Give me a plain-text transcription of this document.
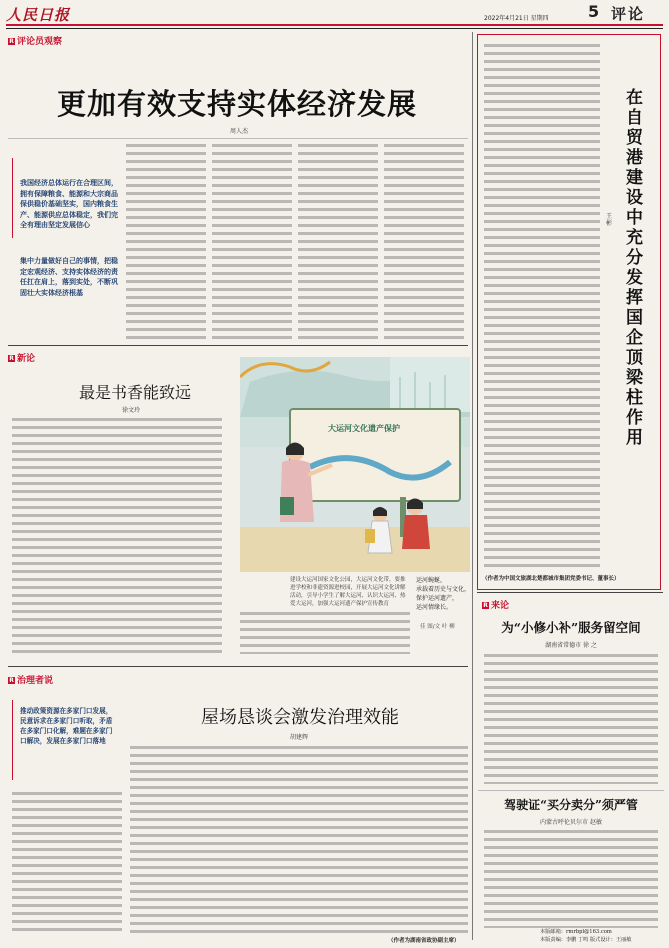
人民日报	2022年4月21日 星期四 5 评论
R 评论员观察
更加有效支持实体经济发展
周人杰
我国经济总体运行在合理区间，拥有保障粮食、能源和大宗商品保供稳价基础坚实，国内粮食生产、能源供应总体稳定，我们完全有理由坚定发展信心
集中力量做好自己的事情，把稳定宏观经济、支持实体经济的责任扛在肩上，落到实处，不断巩固壮大实体经济根基
在自贸港建设中充分发挥国企顶梁柱作用
王彬
（作者为中国文旅湖北楚都城市集团党委书记、董事长）
R 新论
最是书香能致远
徐文玲
大运河文化遗产保护
建设大运河国家文化公园，大运河文化带，要推进学校和非遗资源进校园，开展大运河文化讲解活动，引导小学生了解大运河、认识大运河、热爱大运河，加强大运河遗产保护宣传教育
运河蜿蜒，
承载着历史与文化，
保护运河遗产，
运河情缘长。
佳 图/文 叶 柳
R 治理者说
推动政策资源在多家门口发展，民意诉求在多家门口听取，矛盾在多家门口化解，难题在多家门口解决，发展在多家门口落地
屋场恳谈会激发治理效能
胡建辉
（作者为湖南省政协副主席）
R 来论
为“小修小补”服务留空间
湖南省常德市 徐 之
驾驶证“买分卖分”须严管
内蒙古呼伦贝尔市 赵敏
本版邮箱：rmrbpl@163.com
本版责编：李鹏 丁鸣 版式设计：王丽敏
